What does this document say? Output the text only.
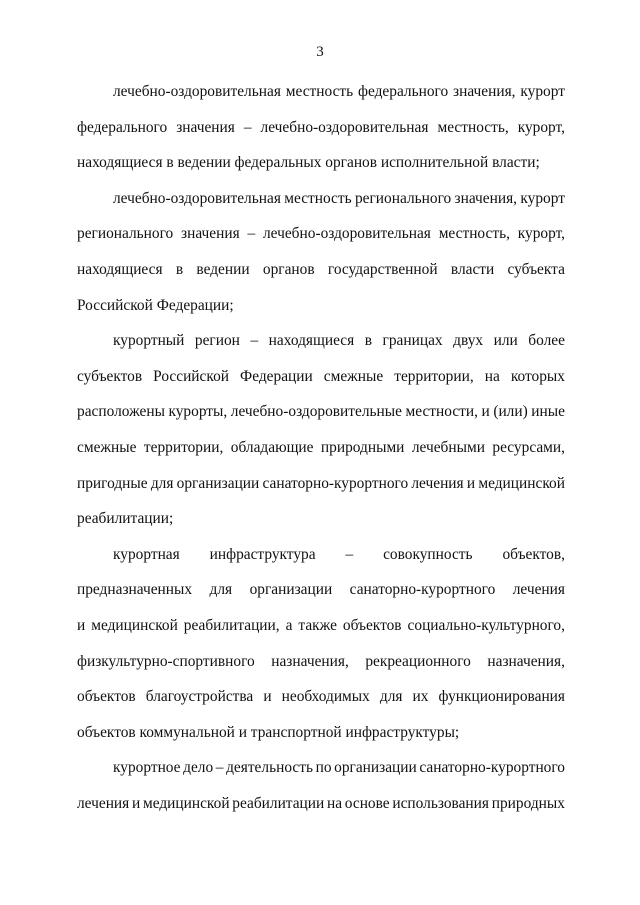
3
лечебно-оздоровительная местность федерального значения, курорт
федерального значения – лечебно-оздоровительная местность, курорт,
находящиеся в ведении федеральных органов исполнительной власти;
лечебно-оздоровительная местность регионального значения, курорт
регионального значения – лечебно-оздоровительная местность, курорт,
находящиеся в ведении органов государственной власти субъекта
Российской Федерации;
курортный регион – находящиеся в границах двух или более
субъектов Российской Федерации смежные территории, на которых
расположены курорты, лечебно-оздоровительные местности, и (или) иные
смежные территории, обладающие природными лечебными ресурсами,
пригодные для организации санаторно-курортного лечения и медицинской
реабилитации;
курортная инфраструктура – совокупность объектов,
предназначенных для организации санаторно-курортного лечения
и медицинской реабилитации, а также объектов социально-культурного,
физкультурно-спортивного назначения, рекреационного назначения,
объектов благоустройства и необходимых для их функционирования
объектов коммунальной и транспортной инфраструктуры;
курортное дело – деятельность по организации санаторно-курортного
лечения и медицинской реабилитации на основе использования природных
